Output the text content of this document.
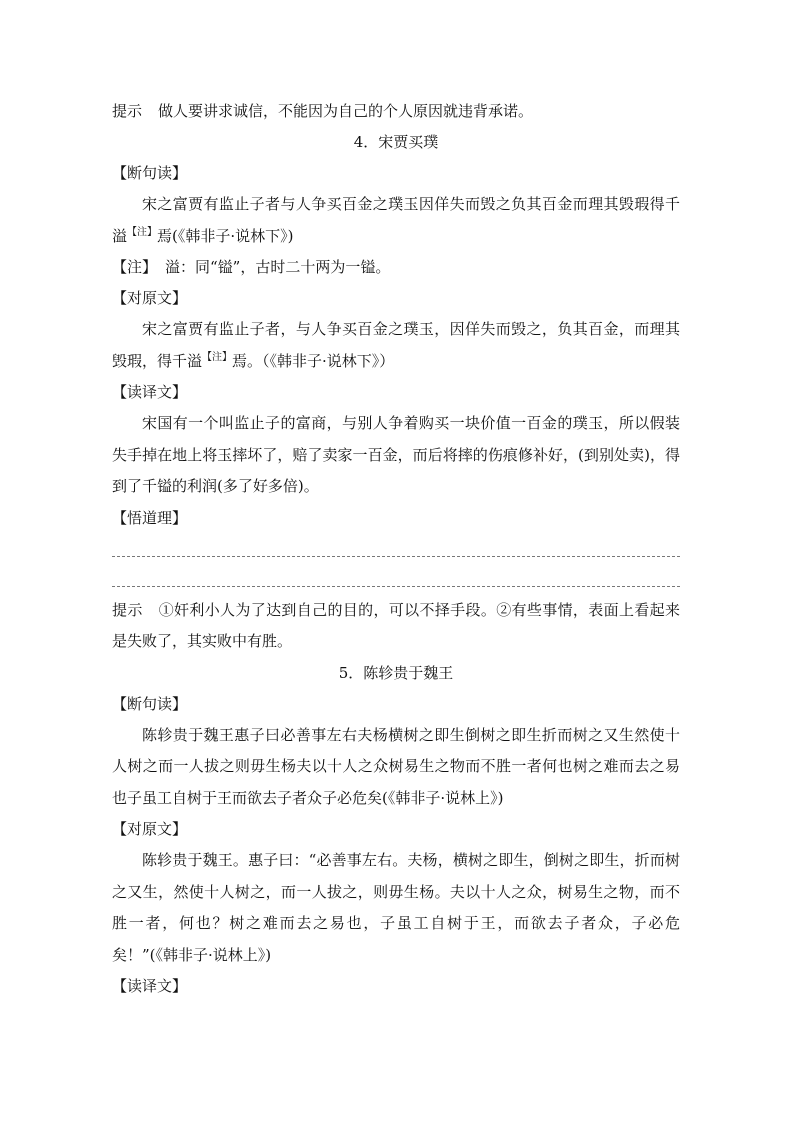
提示 做人要讲求诚信，不能因为自己的个人原因就违背承诺。

4．宋贾买璞

【断句读】

宋之富贾有监止子者与人争买百金之璞玉因佯失而毁之负其百金而理其毁瑕得千溢$^{【注】}$焉(《韩非子·说林下》)

【注】 溢：同“镒”，古时二十两为一镒。

【对原文】

宋之富贾有监止子者，与人争买百金之璞玉，因佯失而毁之，负其百金，而理其毁瑕，得千溢$^{【注】}$焉。（《韩非子·说林下》）

【读译文】

宋国有一个叫监止子的富商，与别人争着购买一块价值一百金的璞玉，所以假装失手掉在地上将玉摔坏了，赔了卖家一百金，而后将摔的伤痕修补好，(到别处卖)，得到了千镒的利润(多了好多倍)。

【悟道理】

提示 ①奸利小人为了达到自己的目的，可以不择手段。②有些事情，表面上看起来是失败了，其实败中有胜。

5．陈轸贵于魏王

【断句读】

陈轸贵于魏王惠子曰必善事左右夫杨横树之即生倒树之即生折而树之又生然使十人树之而一人拔之则毋生杨夫以十人之众树易生之物而不胜一者何也树之难而去之易也子虽工自树于王而欲去子者众子必危矣(《韩非子·说林上》)

【对原文】

陈轸贵于魏王。惠子曰：“必善事左右。夫杨，横树之即生，倒树之即生，折而树之又生，然使十人树之，而一人拔之，则毋生杨。夫以十人之众，树易生之物，而不胜一者，何也？树之难而去之易也，子虽工自树于王，而欲去子者众，子必危矣！”(《韩非子·说林上》)

【读译文】
